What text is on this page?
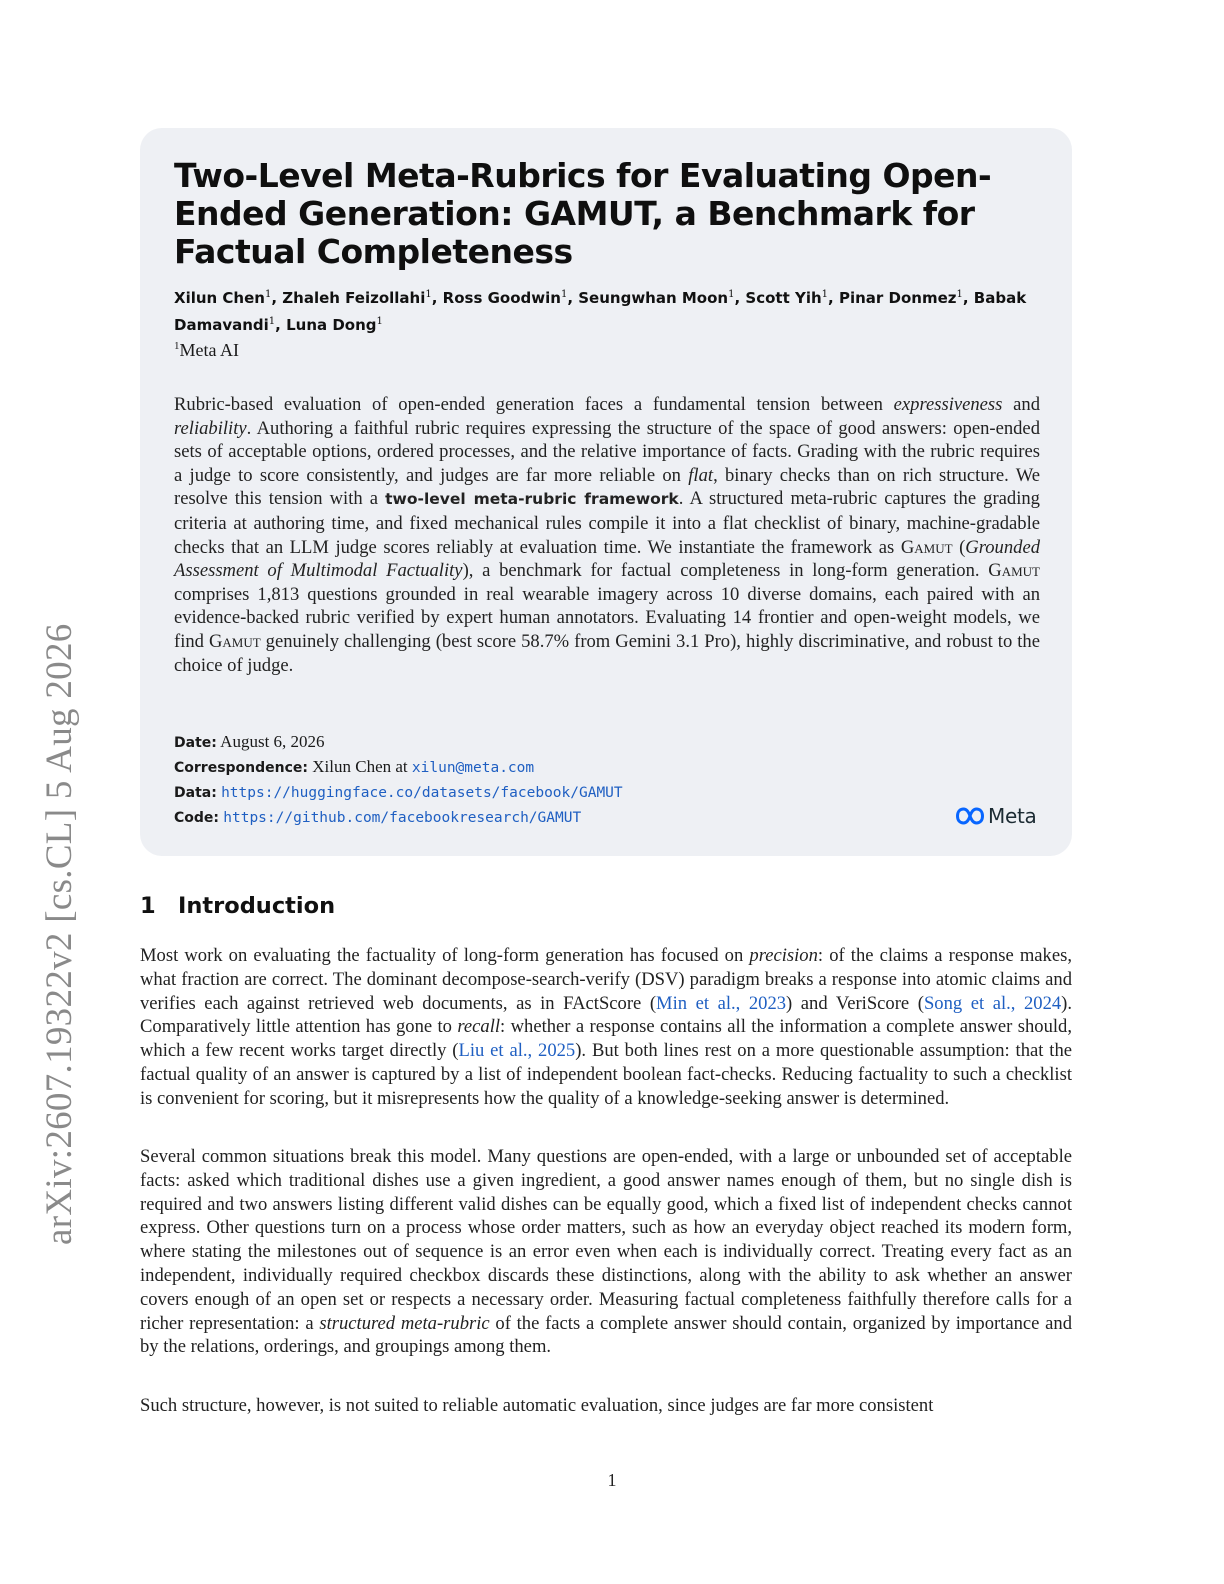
arXiv:2607.19322v2 [cs.CL] 5 Aug 2026
Two-Level Meta-Rubrics for Evaluating Open-Ended Generation: GAMUT, a Benchmark for Factual Completeness
Xilun Chen$^1$, Zhaleh Feizollahi$^1$, Ross Goodwin$^1$, Seungwhan Moon$^1$, Scott Yih$^1$, Pinar Donmez$^1$, Babak Damavandi$^1$, Luna Dong$^1$
$^1$Meta AI

Rubric-based evaluation of open-ended generation faces a fundamental tension between expressiveness and reliability. Authoring a faithful rubric requires expressing the structure of the space of good answers: open-ended sets of acceptable options, ordered processes, and the relative importance of facts. Grading with the rubric requires a judge to score consistently, and judges are far more reliable on flat, binary checks than on rich structure. We resolve this tension with a two-level meta-rubric framework. A structured meta-rubric captures the grading criteria at authoring time, and fixed mechanical rules compile it into a flat checklist of binary, machine-gradable checks that an LLM judge scores reliably at evaluation time. We instantiate the framework as Gamut (Grounded Assessment of Multimodal Factuality), a benchmark for factual completeness in long-form generation. Gamut comprises 1,813 questions grounded in real wearable imagery across 10 diverse domains, each paired with an evidence-backed rubric verified by expert human annotators. Evaluating 14 frontier and open-weight models, we find Gamut genuinely challenging (best score 58.7% from Gemini 3.1 Pro), highly discriminative, and robust to the choice of judge.

Date: August 6, 2026
Correspondence: Xilun Chen at xilun@meta.com
Data: https://huggingface.co/datasets/facebook/GAMUT
Code: https://github.com/facebookresearch/GAMUT	Meta
1 Introduction

Most work on evaluating the factuality of long-form generation has focused on precision: of the claims a response makes, what fraction are correct. The dominant decompose-search-verify (DSV) paradigm breaks a response into atomic claims and verifies each against retrieved web documents, as in FActScore (Min et al., 2023) and VeriScore (Song et al., 2024). Comparatively little attention has gone to recall: whether a response contains all the information a complete answer should, which a few recent works target directly (Liu et al., 2025). But both lines rest on a more questionable assumption: that the factual quality of an answer is captured by a list of independent boolean fact-checks. Reducing factuality to such a checklist is convenient for scoring, but it misrepresents how the quality of a knowledge-seeking answer is determined.

Several common situations break this model. Many questions are open-ended, with a large or unbounded set of acceptable facts: asked which traditional dishes use a given ingredient, a good answer names enough of them, but no single dish is required and two answers listing different valid dishes can be equally good, which a fixed list of independent checks cannot express. Other questions turn on a process whose order matters, such as how an everyday object reached its modern form, where stating the milestones out of sequence is an error even when each is individually correct. Treating every fact as an independent, individually required checkbox discards these distinctions, along with the ability to ask whether an answer covers enough of an open set or respects a necessary order. Measuring factual completeness faithfully therefore calls for a richer representation: a structured meta-rubric of the facts a complete answer should contain, organized by importance and by the relations, orderings, and groupings among them.

Such structure, however, is not suited to reliable automatic evaluation, since judges are far more consistent

1
